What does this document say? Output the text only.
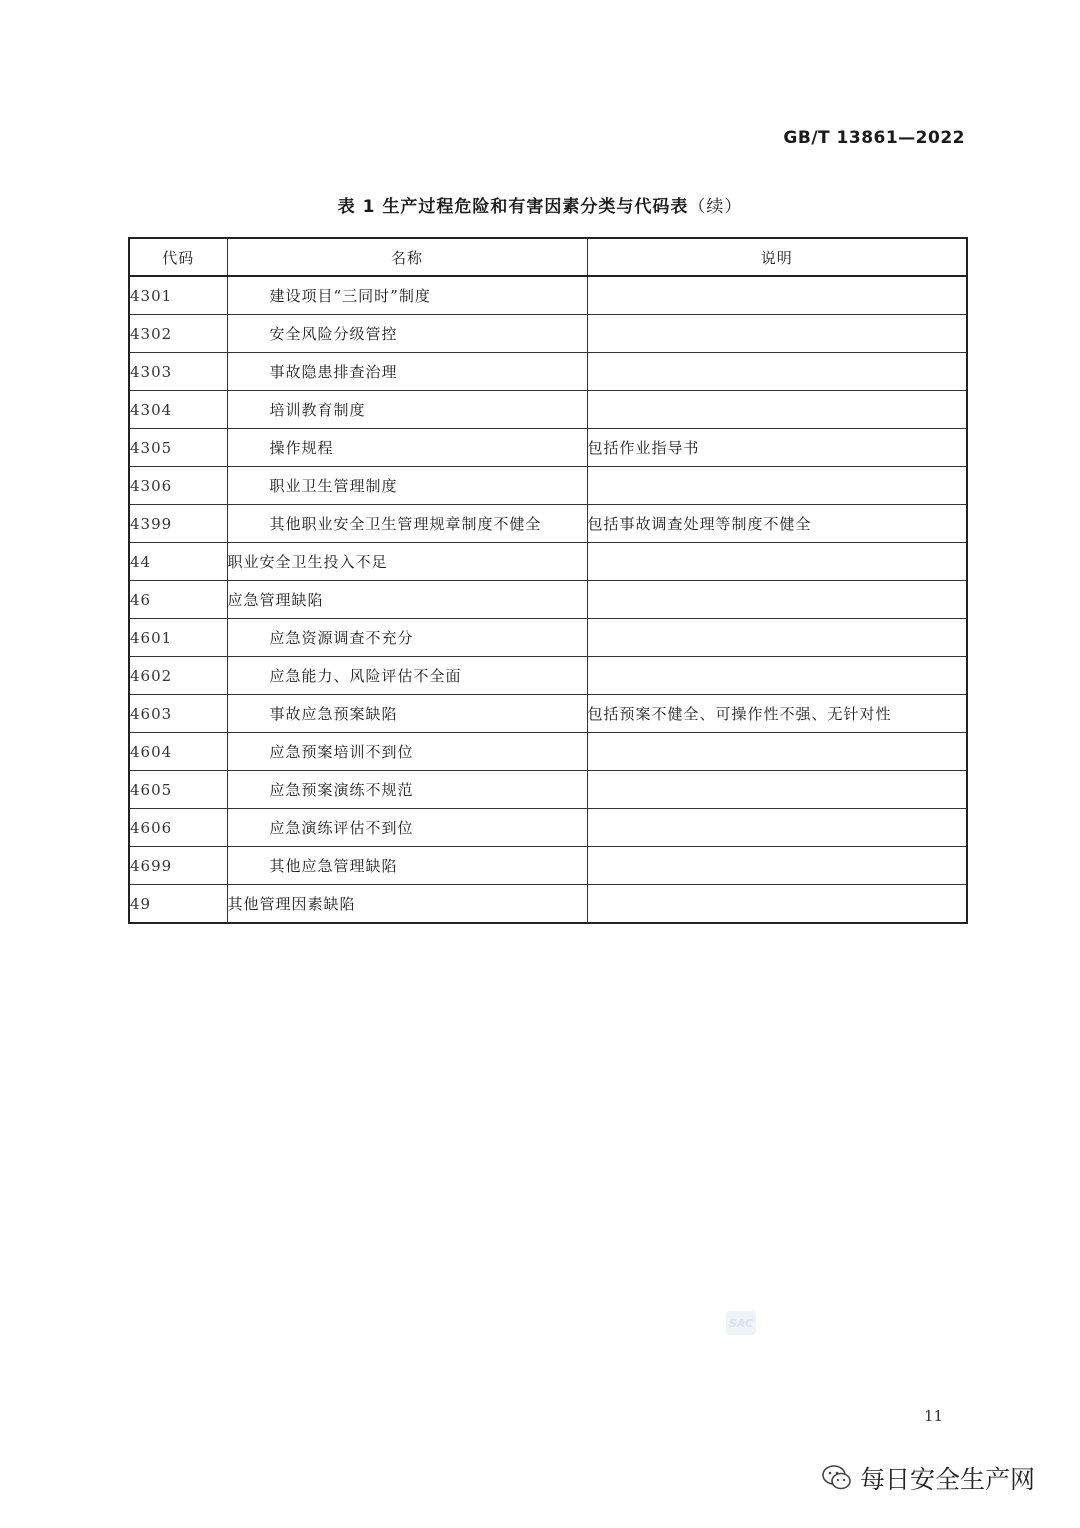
GB/T 13861—2022
表 1 生产过程危险和有害因素分类与代码表（续）
代码	名称	说明
4301	建设项目“三同时”制度	
4302	安全风险分级管控	
4303	事故隐患排查治理	
4304	培训教育制度	
4305	操作规程	包括作业指导书
4306	职业卫生管理制度	
4399	其他职业安全卫生管理规章制度不健全	包括事故调查处理等制度不健全
44	职业安全卫生投入不足	
46	应急管理缺陷	
4601	应急资源调查不充分	
4602	应急能力、风险评估不全面	
4603	事故应急预案缺陷	包括预案不健全、可操作性不强、无针对性
4604	应急预案培训不到位	
4605	应急预案演练不规范	
4606	应急演练评估不到位	
4699	其他应急管理缺陷	
49	其他管理因素缺陷	
SAC
11
每日安全生产网
